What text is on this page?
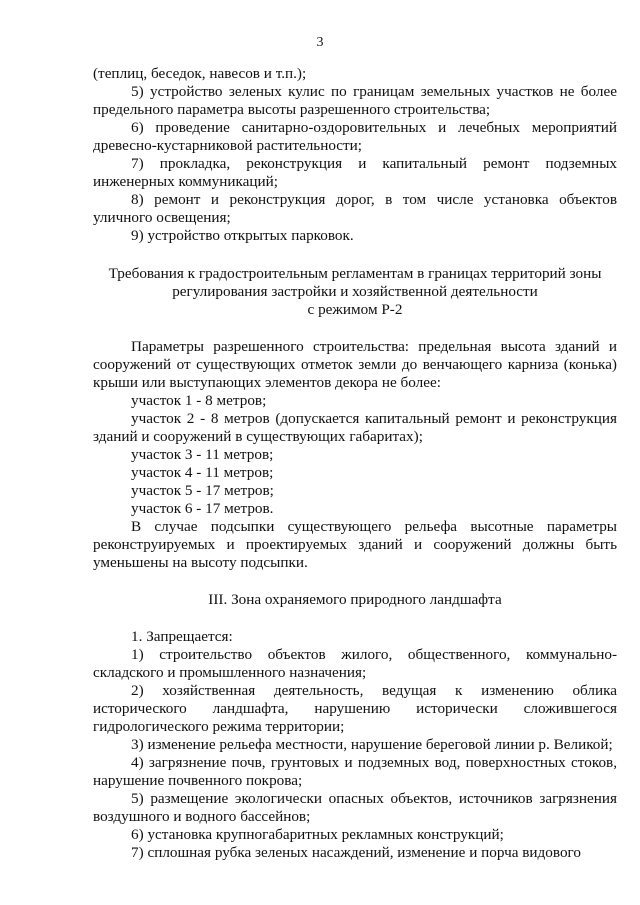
3

(теплиц, беседок, навесов и т.п.);

5) устройство зеленых кулис по границам земельных участков не более предельного параметра высоты разрешенного строительства;

6) проведение санитарно-оздоровительных и лечебных мероприятий древесно-кустарниковой растительности;

7) прокладка, реконструкция и капитальный ремонт подземных инженерных коммуникаций;

8) ремонт и реконструкция дорог, в том числе установка объектов уличного освещения;

9) устройство открытых парковок.

Требования к градостроительным регламентам в границах территорий зоны
регулирования застройки и хозяйственной деятельности
с режимом Р-2

Параметры разрешенного строительства: предельная высота зданий и сооружений от существующих отметок земли до венчающего карниза (конька) крыши или выступающих элементов декора не более:

участок 1 - 8 метров;

участок 2 - 8 метров (допускается капитальный ремонт и реконструкция зданий и сооружений в существующих габаритах);

участок 3 - 11 метров;

участок 4 - 11 метров;

участок 5 - 17 метров;

участок 6 - 17 метров.

В случае подсыпки существующего рельефа высотные параметры реконструируемых и проектируемых зданий и сооружений должны быть уменьшены на высоту подсыпки.

III. Зона охраняемого природного ландшафта

1. Запрещается:

1) строительство объектов жилого, общественного, коммунально-складского и промышленного назначения;

2) хозяйственная деятельность, ведущая к изменению облика исторического ландшафта, нарушению исторически сложившегося гидрологического режима территории;

3) изменение рельефа местности, нарушение береговой линии р. Великой;

4) загрязнение почв, грунтовых и подземных вод, поверхностных стоков, нарушение почвенного покрова;

5) размещение экологически опасных объектов, источников загрязнения воздушного и водного бассейнов;

6) установка крупногабаритных рекламных конструкций;

7) сплошная рубка зеленых насаждений, изменение и порча видового
